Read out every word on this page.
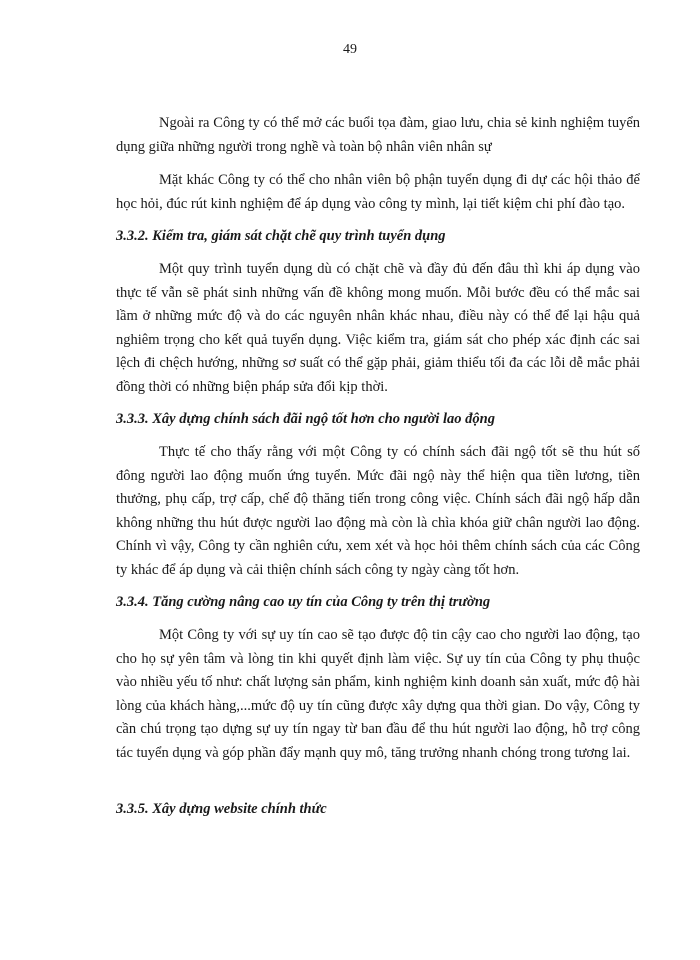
49

Ngoài ra Công ty có thể mở các buổi tọa đàm, giao lưu, chia sẻ kinh nghiệm tuyển dụng giữa những người trong nghề và toàn bộ nhân viên nhân sự

Mặt khác Công ty có thể cho nhân viên bộ phận tuyển dụng đi dự các hội thảo để học hỏi, đúc rút kinh nghiệm để áp dụng vào công ty mình, lại tiết kiệm chi phí đào tạo.

3.3.2. Kiểm tra, giám sát chặt chẽ quy trình tuyển dụng

Một quy trình tuyển dụng dù có chặt chẽ và đầy đủ đến đâu thì khi áp dụng vào thực tế vẫn sẽ phát sinh những vấn đề không mong muốn. Mỗi bước đều có thể mắc sai lầm ở những mức độ và do các nguyên nhân khác nhau, điều này có thể để lại hậu quả nghiêm trọng cho kết quả tuyển dụng. Việc kiểm tra, giám sát cho phép xác định các sai lệch đi chệch hướng, những sơ suất có thể gặp phải, giảm thiểu tối đa các lỗi dễ mắc phải đồng thời có những biện pháp sửa đổi kịp thời.

3.3.3. Xây dựng chính sách đãi ngộ tốt hơn cho người lao động

Thực tế cho thấy rằng với một Công ty có chính sách đãi ngộ tốt sẽ thu hút số đông người lao động muốn ứng tuyển. Mức đãi ngộ này thể hiện qua tiền lương, tiền thưởng, phụ cấp, trợ cấp, chế độ thăng tiến trong công việc. Chính sách đãi ngộ hấp dẫn không những thu hút được người lao động mà còn là chìa khóa giữ chân người lao động. Chính vì vậy, Công ty cần nghiên cứu, xem xét và học hỏi thêm chính sách của các Công ty khác để áp dụng và cải thiện chính sách công ty ngày càng tốt hơn.

3.3.4. Tăng cường nâng cao uy tín của Công ty trên thị trường

Một Công ty với sự uy tín cao sẽ tạo được độ tin cậy cao cho người lao động, tạo cho họ sự yên tâm và lòng tin khi quyết định làm việc. Sự uy tín của Công ty phụ thuộc vào nhiều yếu tố như: chất lượng sản phẩm, kinh nghiệm kinh doanh sản xuất, mức độ hài lòng của khách hàng,...mức độ uy tín cũng được xây dựng qua thời gian. Do vậy, Công ty cần chú trọng tạo dựng sự uy tín ngay từ ban đầu để thu hút người lao động, hỗ trợ công tác tuyển dụng và góp phần đẩy mạnh quy mô, tăng trưởng nhanh chóng trong tương lai.

3.3.5. Xây dựng website chính thức
